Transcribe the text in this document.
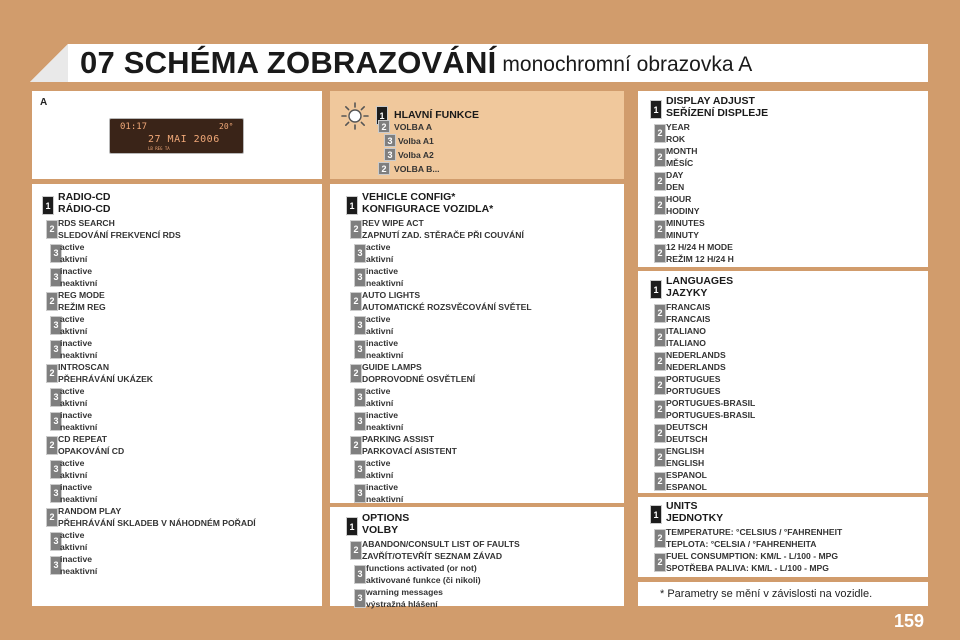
07 SCHÉMA ZOBRAZOVÁNÍ monochromní obrazovka A
A
01:17	20°
27 MAI 2006
LB REG TA
1
RADIO-CD
RÁDIO-CD
2
RDS SEARCH
SLEDOVÁNÍ FREKVENCÍ RDS
3
active
aktivní
3
inactive
neaktivní
2
REG MODE
REŽIM REG
3
active
aktivní
3
inactive
neaktivní
2
INTROSCAN
PŘEHRÁVÁNÍ UKÁZEK
3
active
aktivní
3
inactive
neaktivní
2
CD REPEAT
OPAKOVÁNÍ CD
3
active
aktivní
3
inactive
neaktivní
2
RANDOM PLAY
PŘEHRÁVÁNÍ SKLADEB V NÁHODNÉM POŘADÍ
3
active
aktivní
3
inactive
neaktivní
1
VEHICLE CONFIG*
KONFIGURACE VOZIDLA*
2
REV WIPE ACT
ZAPNUTÍ ZAD. STĚRAČE PŘI COUVÁNÍ
3
active
aktivní
3
inactive
neaktivní
2
AUTO LIGHTS
AUTOMATICKÉ ROZSVĚCOVÁNÍ SVĚTEL
3
active
aktivní
3
inactive
neaktivní
2
GUIDE LAMPS
DOPROVODNÉ OSVĚTLENÍ
3
active
aktivní
3
inactive
neaktivní
2
PARKING ASSIST
PARKOVACÍ ASISTENT
3
active
aktivní
3
inactive
neaktivní
1
OPTIONS
VOLBY
2
ABANDON/CONSULT LIST OF FAULTS
ZAVŘÍT/OTEVŘÍT SEZNAM ZÁVAD
3
functions activated (or not)
aktivované funkce (či nikoli)
3
warning messages
výstražná hlášení
1
DISPLAY ADJUST
SEŘÍZENÍ DISPLEJE
2
YEAR
ROK
2
MONTH
MĚSÍC
2
DAY
DEN
2
HOUR
HODINY
2
MINUTES
MINUTY
2
12 H/24 H MODE
REŽIM 12 H/24 H
1
LANGUAGES
JAZYKY
2
FRANCAIS
FRANCAIS
2
ITALIANO
ITALIANO
2
NEDERLANDS
NEDERLANDS
2
PORTUGUES
PORTUGUES
2
PORTUGUES-BRASIL
PORTUGUES-BRASIL
2
DEUTSCH
DEUTSCH
2
ENGLISH
ENGLISH
2
ESPANOL
ESPANOL
1
UNITS
JEDNOTKY
2
TEMPERATURE: °CELSIUS / °FAHRENHEIT
TEPLOTA: °CELSIA / °FAHRENHEITA
2
FUEL CONSUMPTION: KM/L - L/100 - MPG
SPOTŘEBA PALIVA: KM/L - L/100 - MPG
HLAVNÍ FUNKCE
1
2 VOLBA A
3 Volba A1
3 Volba A2
2 VOLBA B...
* Parametry se mění v závislosti na vozidle.
159
